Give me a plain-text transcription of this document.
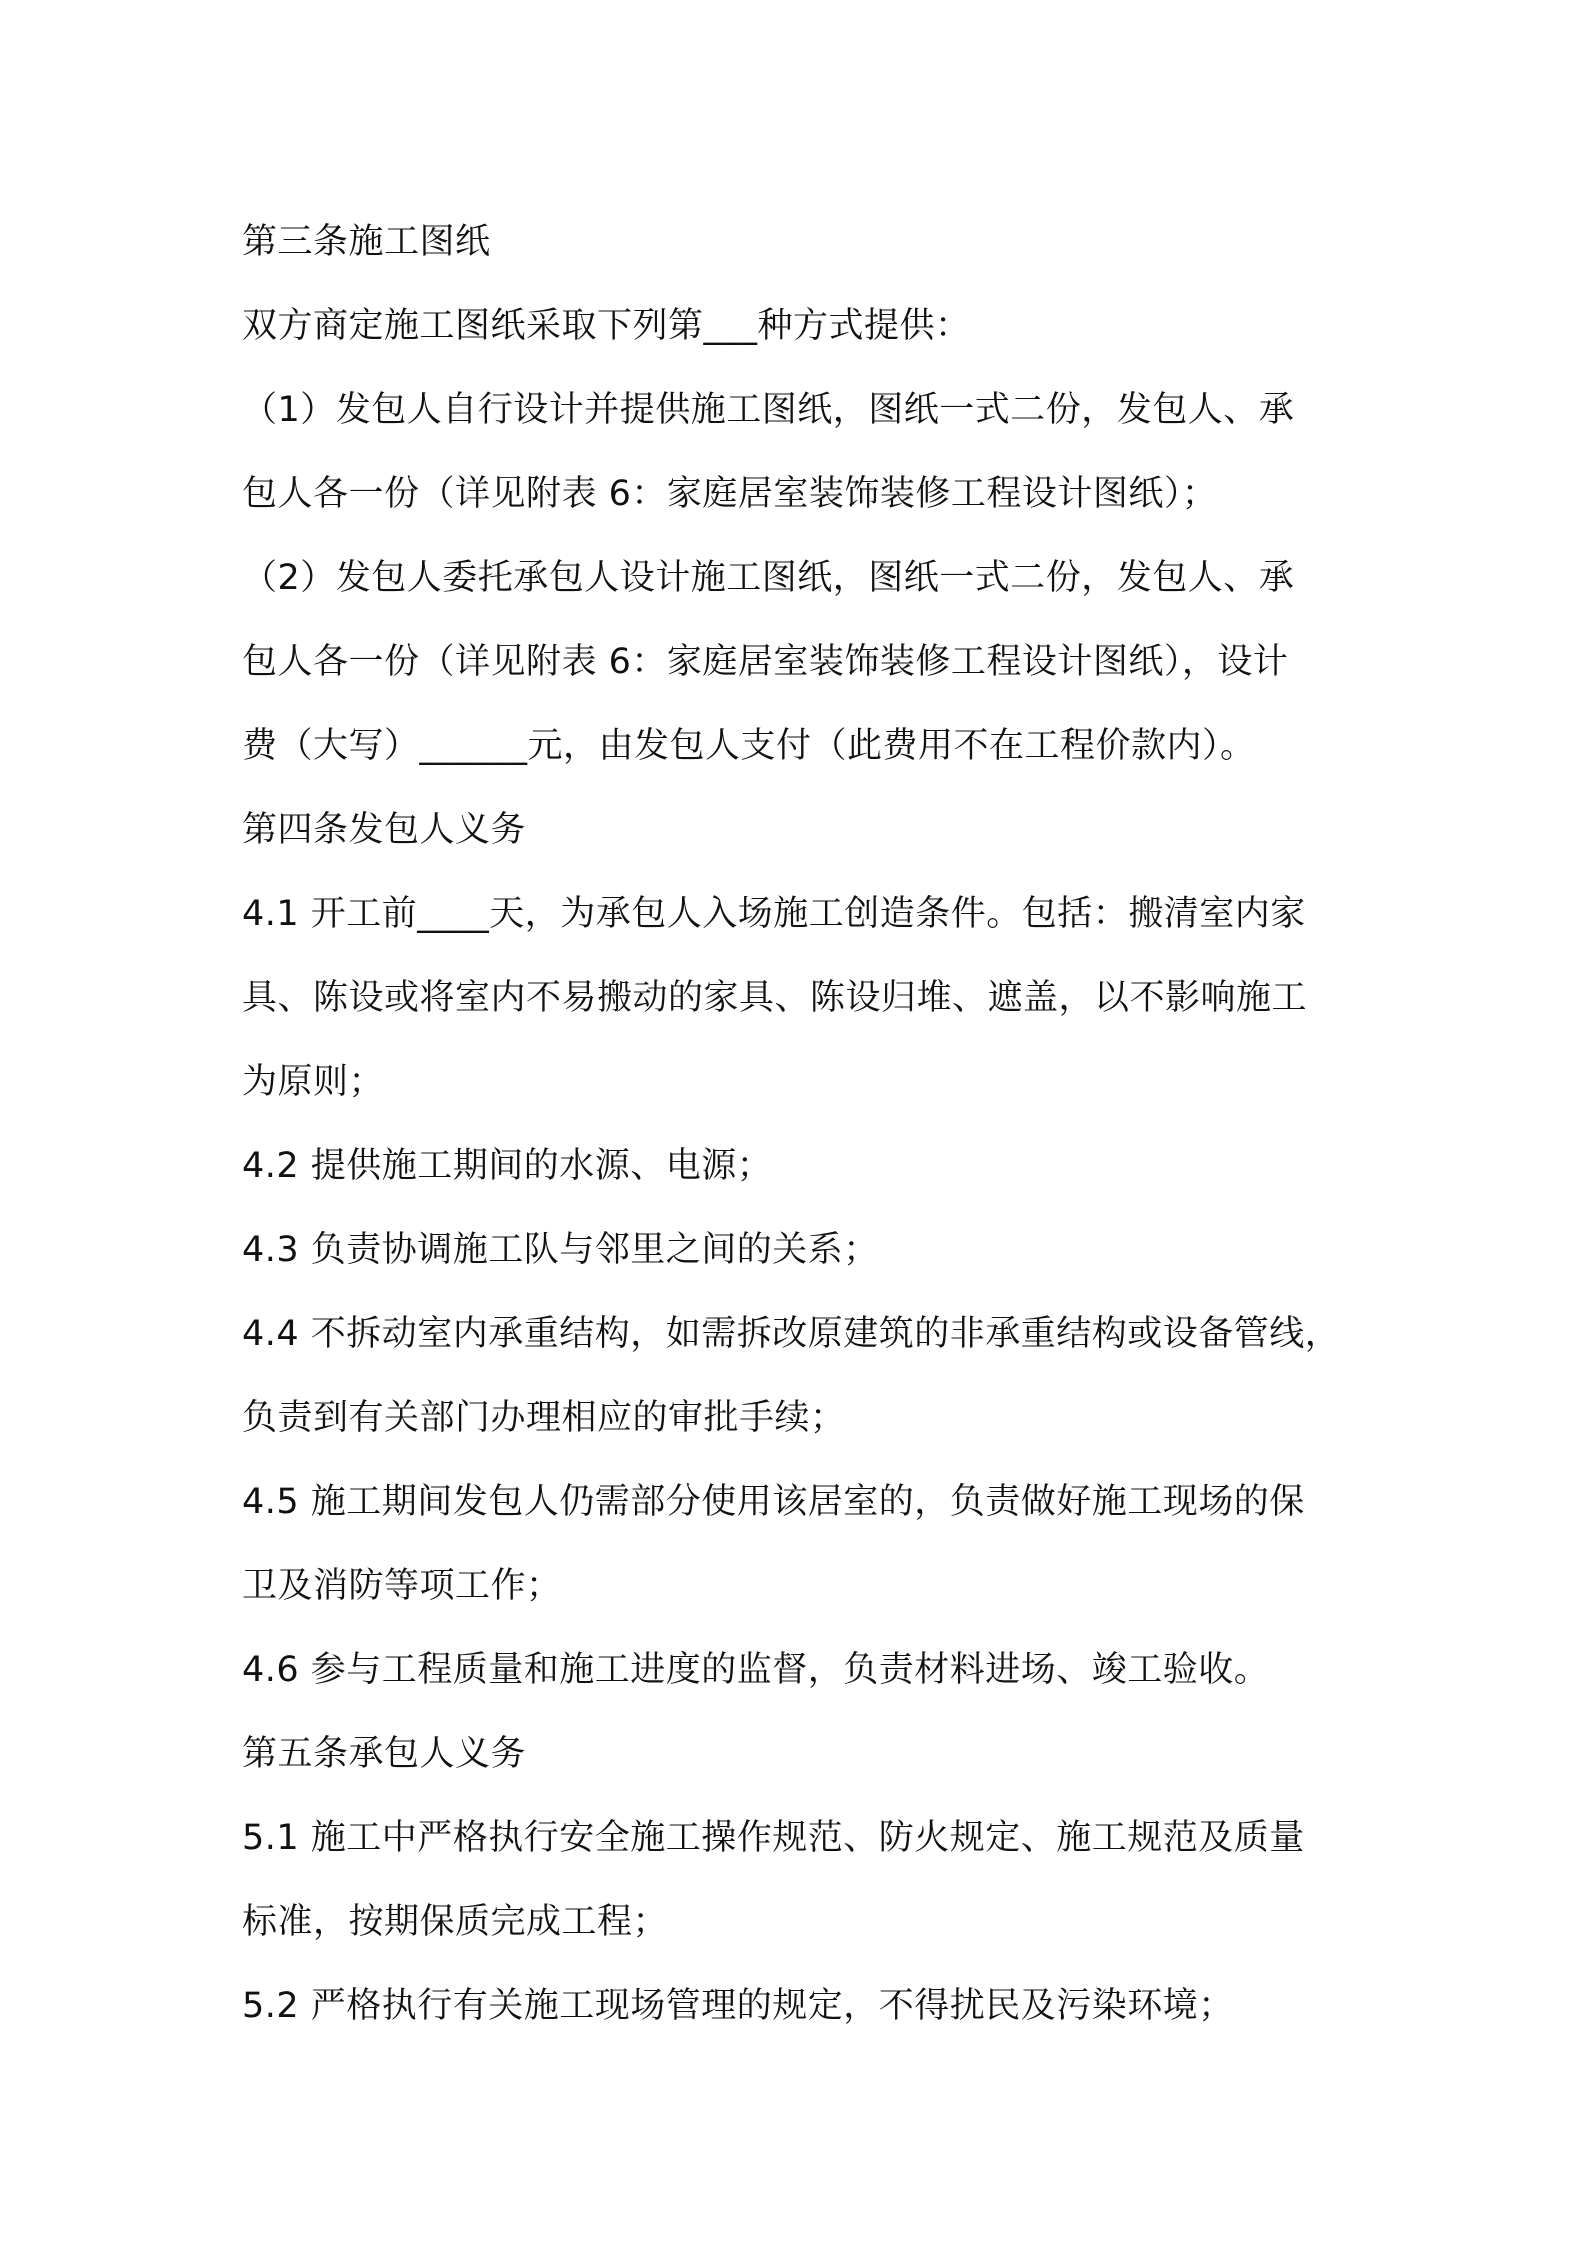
第三条施工图纸
双方商定施工图纸采取下列第___种方式提供：
（1）发包人自行设计并提供施工图纸，图纸一式二份，发包人、承
包人各一份（详见附表 6：家庭居室装饰装修工程设计图纸）；
（2）发包人委托承包人设计施工图纸，图纸一式二份，发包人、承
包人各一份（详见附表 6：家庭居室装饰装修工程设计图纸），设计
费（大写）______元，由发包人支付（此费用不在工程价款内）。
第四条发包人义务
4.1 开工前____天，为承包人入场施工创造条件。包括：搬清室内家
具、陈设或将室内不易搬动的家具、陈设归堆、遮盖，以不影响施工
为原则；
4.2 提供施工期间的水源、电源；
4.3 负责协调施工队与邻里之间的关系；
4.4 不拆动室内承重结构，如需拆改原建筑的非承重结构或设备管线，
负责到有关部门办理相应的审批手续；
4.5 施工期间发包人仍需部分使用该居室的，负责做好施工现场的保
卫及消防等项工作；
4.6 参与工程质量和施工进度的监督，负责材料进场、竣工验收。
第五条承包人义务
5.1 施工中严格执行安全施工操作规范、防火规定、施工规范及质量
标准，按期保质完成工程；
5.2 严格执行有关施工现场管理的规定，不得扰民及污染环境；
